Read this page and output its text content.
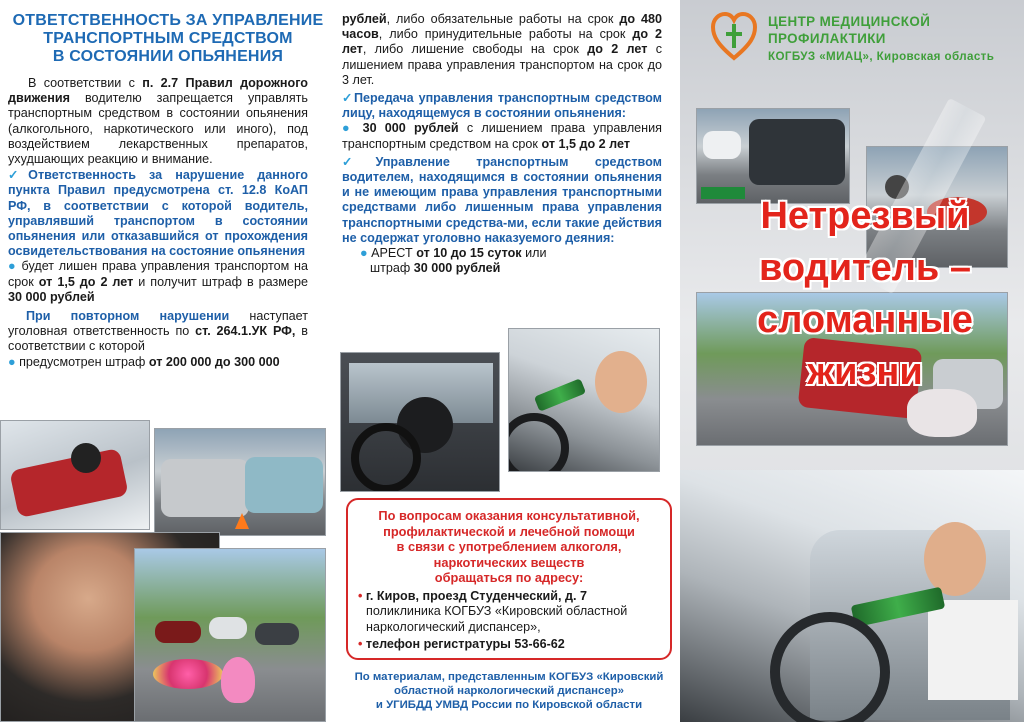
ОТВЕТСТВЕННОСТЬ ЗА УПРАВЛЕНИЕ
ТРАНСПОРТНЫМ СРЕДСТВОМ
В СОСТОЯНИИ ОПЬЯНЕНИЯ

В соответствии с п. 2.7 Правил дорожного движения водителю запрещается управлять транспортным средством в состоянии опьянения (алкогольного, наркотического или иного), под воздействием лекарственных препаратов, ухудшающих реакцию и внимание.

✓Ответственность за нарушение данного пункта Правил предусмотрена ст. 12.8 КоАП РФ, в соответствии с которой водитель, управлявший транспортом в состоянии опьянения или отказавшийся от прохождения освидетельствования на состояние опьянения

● будет лишен права управления транспортом на срок от 1,5 до 2 лет и получит штраф в размере 30 000 рублей

При повторном нарушении наступает уголовная ответственность по ст. 264.1.УК РФ, в соответствии с которой

● предусмотрен штраф от 200 000 до 300 000

рублей, либо обязательные работы на срок до 480 часов, либо принудительные работы на срок до 2 лет, либо лишение свободы на срок до 2 лет с лишением права управления транспортом на срок до 3 лет.

✓Передача управления транспортным средством лицу, находящемуся в состоянии опьянения:

● 30 000 рублей с лишением права управления транспортным средством на срок от 1,5 до 2 лет

✓Управление транспортным средством водителем, находящимся в состоянии опьянения и не имеющим права управления транспортными средствами либо лишенным права управления транспортными средства-ми, если такие действия не содержат уголовно наказуемого деяния:

● АРЕСТ от 10 до 15 суток или
штраф 30 000 рублей

По вопросам оказания консультативной,
профилактической и лечебной помощи
в связи с употреблением алкоголя,
наркотических веществ
обращаться по адресу:
• г. Киров, проезд Студенческий, д. 7
поликлиника КОГБУЗ «Кировский областной наркологический диспансер»,
• телефон регистратуры 53-66-62
По материалам, представленным КОГБУЗ «Кировский
областной наркологический диспансер»
и УГИБДД УМВД России по Кировской области
ЦЕНТР МЕДИЦИНСКОЙ
ПРОФИЛАКТИКИ
КОГБУЗ «МИАЦ», Кировская область
Нетрезвый
водитель –
сломанные
жизни
